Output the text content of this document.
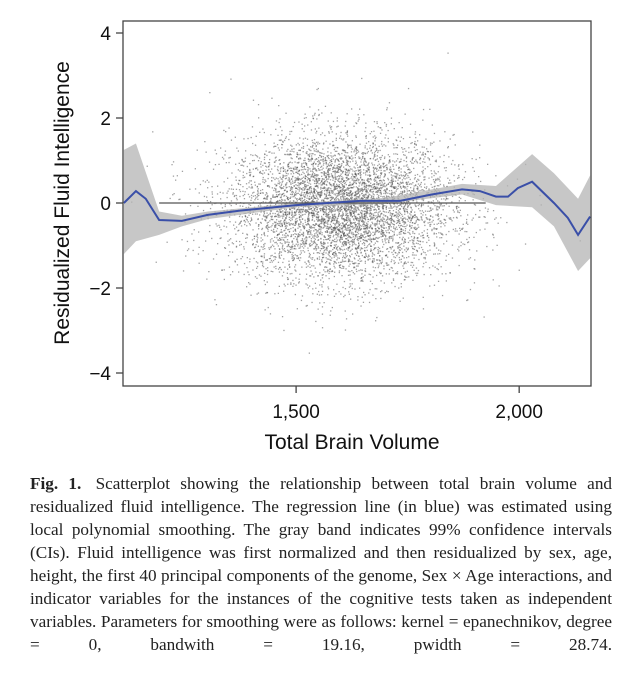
4
2
0
−2
−4
1,500	2,000
Total Brain Volume
Residualized Fluid Intelligence
Fig. 1. Scatterplot showing the relationship between total brain volume and residualized fluid intelligence. The regression line (in blue) was estimated using local polynomial smoothing. The gray band indicates 99% confidence intervals (CIs). Fluid intelligence was first normalized and then residualized by sex, age, height, the first 40 principal components of the genome, Sex × Age interactions, and indicator variables for the instances of the cognitive tests taken as independent variables. Parameters for smoothing were as follows: kernel = epanechnikov, degree = 0, bandwith = 19.16, pwidth = 28.74.
